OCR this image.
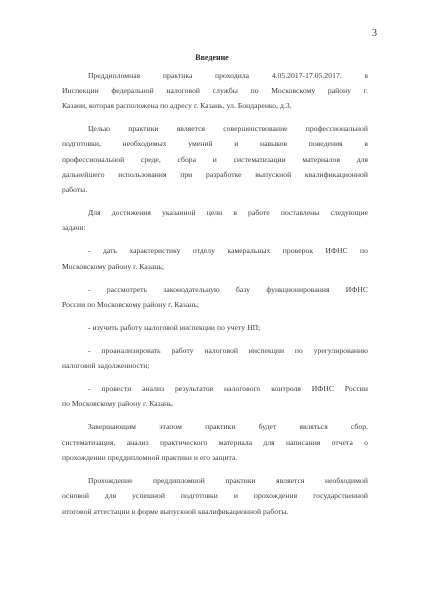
3
Введение
Преддипломная практика проходила 4.05.2017-17.05.2017. в
Инспекции федеральной налоговой службы по Московскому району г.
Казани, которая расположена по адресу г. Казань, ул. Бондаренко, д.3.
Целью практики является совершенствование профессиональной
подготовки, необходимых умений и навыков поведения в
профессиональной среде, сбора и систематизации материалов для
дальнейшего использования при разработке выпускной квалификационной
работы.
Для достижения указанной цели в работе поставлены следующие
задачи:
- дать характеристику отделу камеральных проверок ИФНС по
Московскому району г. Казань;
- рассмотреть законодательную базу функционирования ИФНС
России по Московскому району г. Казань;
- изучить работу налоговой инспекции по учету НП;
- проанализировать работу налоговой инспекции по урегулированию
налоговой задолженности;
- провести анализ результатов налогового контроля ИФНС России
по Московскому району г. Казань.
Завершающим этапом практики будет являться сбор,
систематизация, анализ практического материала для написания отчета о
прохождении преддипломной практики и его защита.
Прохождение преддипломной практики является необходимой
основой для успешной подготовки и прохождения государственной
итоговой аттестации в форме выпускной квалификационной работы.
